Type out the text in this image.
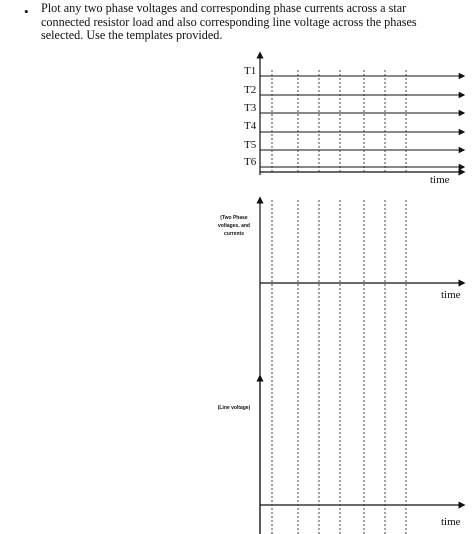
• Plot any two phase voltages and corresponding phase currents across a star
connected resistor load and also corresponding line voltage across the phases
selected. Use the templates provided.
T1
T2
T3
T4
T5
T6
time
(Two Phase
voltages, and
currents
time
(Line voltage)
time
